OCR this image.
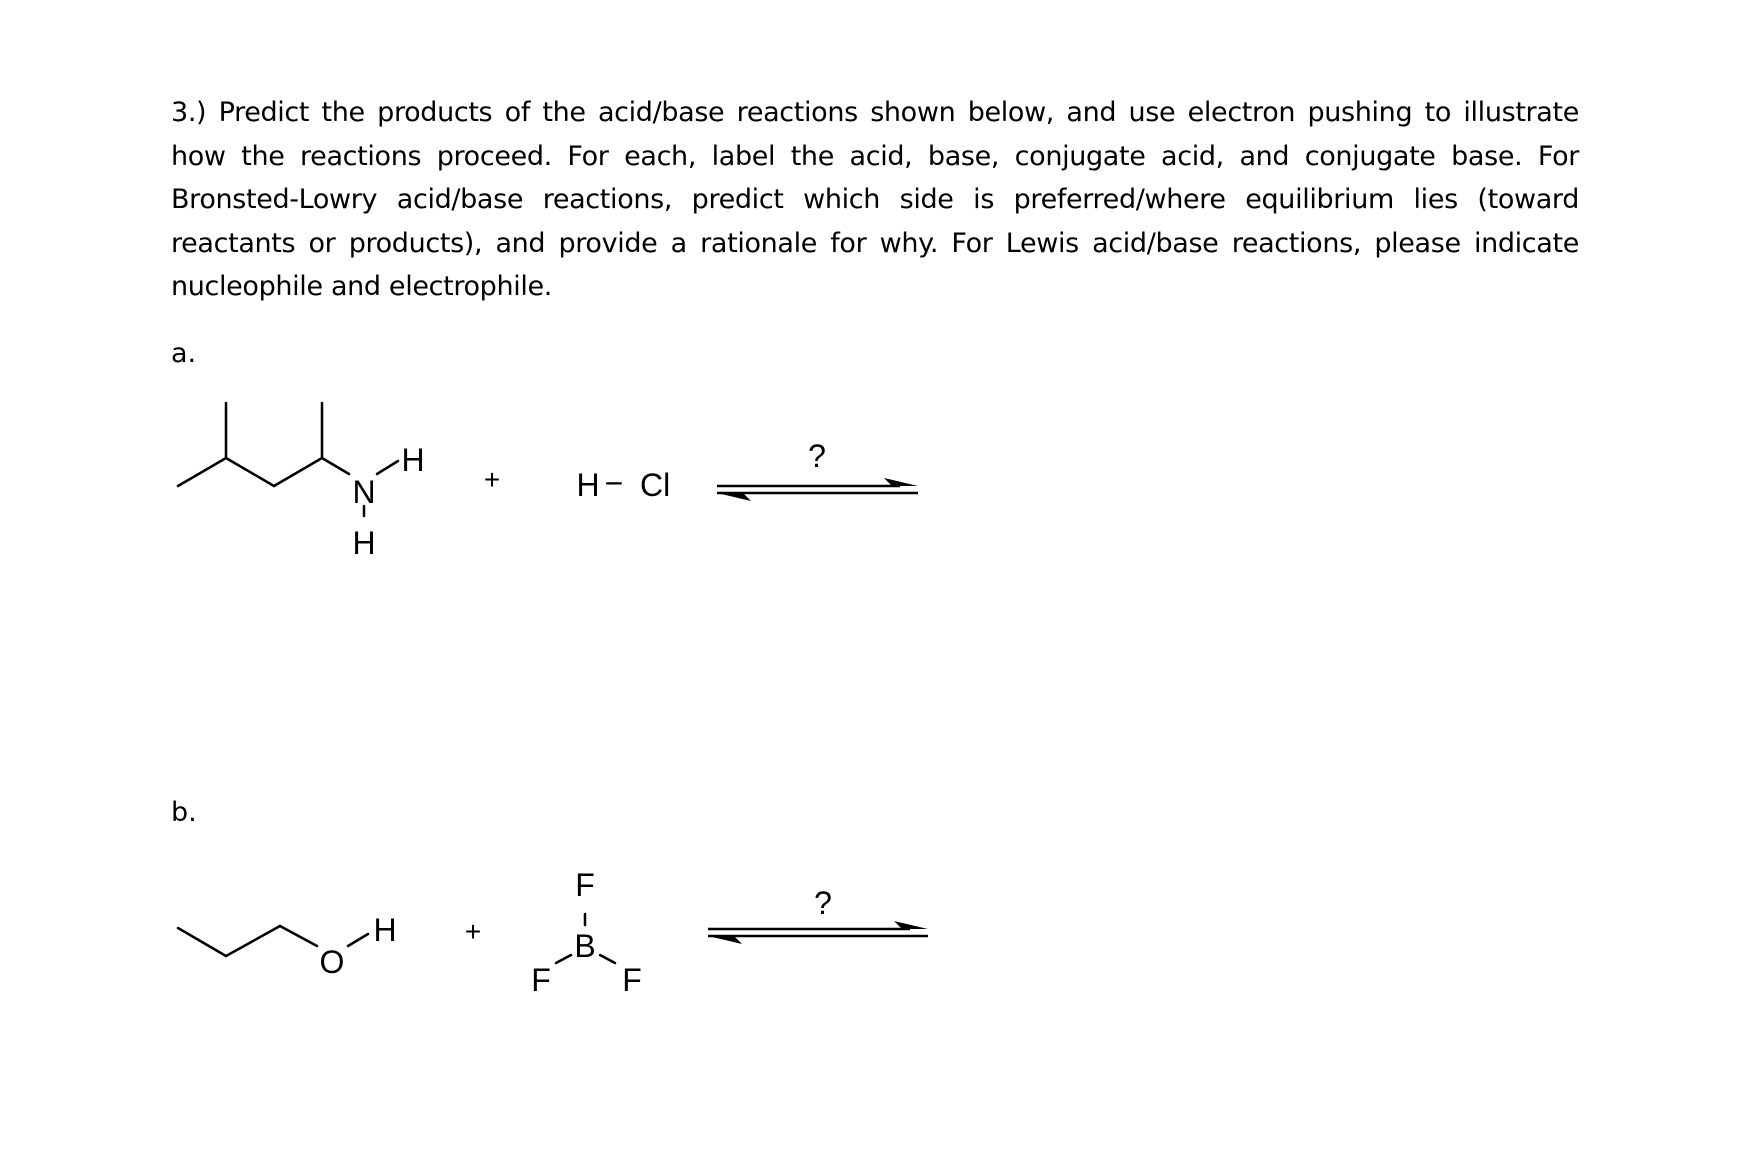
3.) Predict the products of the acid/base reactions shown below, and use electron pushing to illustrate how the reactions proceed. For each, label the acid, base, conjugate acid, and conjugate base. For Bronsted-Lowry acid/base reactions, predict which side is preferred/where equilibrium lies (toward reactants or products), and provide a rationale for why. For Lewis acid/base reactions, please indicate nucleophile and electrophile.

a.
b.
N
H
H
+ H − Cl
?
O
H +
F
B
F F
?
